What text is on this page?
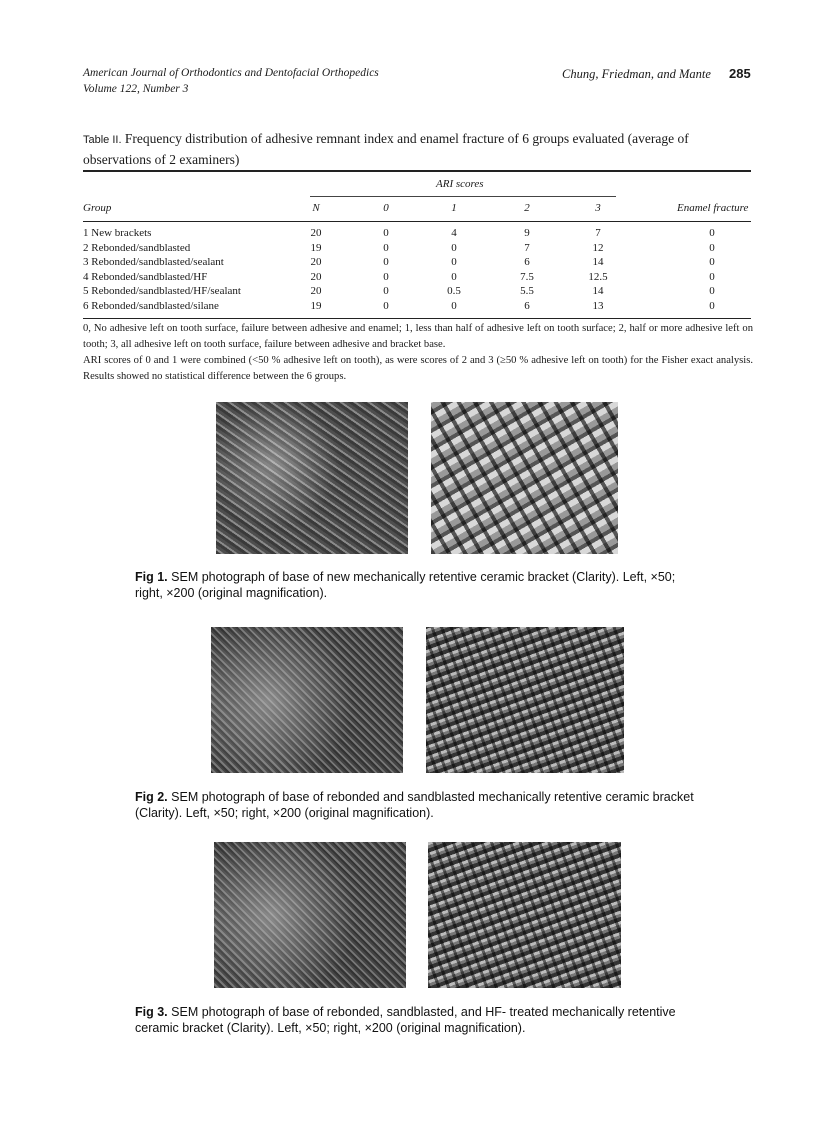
American Journal of Orthodontics and Dentofacial Orthopedics
Volume 122, Number 3
Chung, Friedman, and Mante 285
Table II. Frequency distribution of adhesive remnant index and enamel fracture of 6 groups evaluated (average of observations of 2 examiners)
ARI scores
Group	N	0	1	2	3	Enamel fracture
1 New brackets	20	0	4	9	7	0
2 Rebonded/sandblasted	19	0	0	7	12	0
3 Rebonded/sandblasted/sealant	20	0	0	6	14	0
4 Rebonded/sandblasted/HF	20	0	0	7.5	12.5	0
5 Rebonded/sandblasted/HF/sealant	20	0	0.5	5.5	14	0
6 Rebonded/sandblasted/silane	19	0	0	6	13	0
0, No adhesive left on tooth surface, failure between adhesive and enamel; 1, less than half of adhesive left on tooth surface; 2, half or more adhesive left on tooth; 3, all adhesive left on tooth surface, failure between adhesive and bracket base.
ARI scores of 0 and 1 were combined (<50 % adhesive left on tooth), as were scores of 2 and 3 (≥50 % adhesive left on tooth) for the Fisher exact analysis. Results showed no statistical difference between the 6 groups.
Fig 1. SEM photograph of base of new mechanically retentive ceramic bracket (Clarity). Left, ×50; right, ×200 (original magnification).
Fig 2. SEM photograph of base of rebonded and sandblasted mechanically retentive ceramic bracket (Clarity). Left, ×50; right, ×200 (original magnification).
Fig 3. SEM photograph of base of rebonded, sandblasted, and HF- treated mechanically retentive ceramic bracket (Clarity). Left, ×50; right, ×200 (original magnification).
